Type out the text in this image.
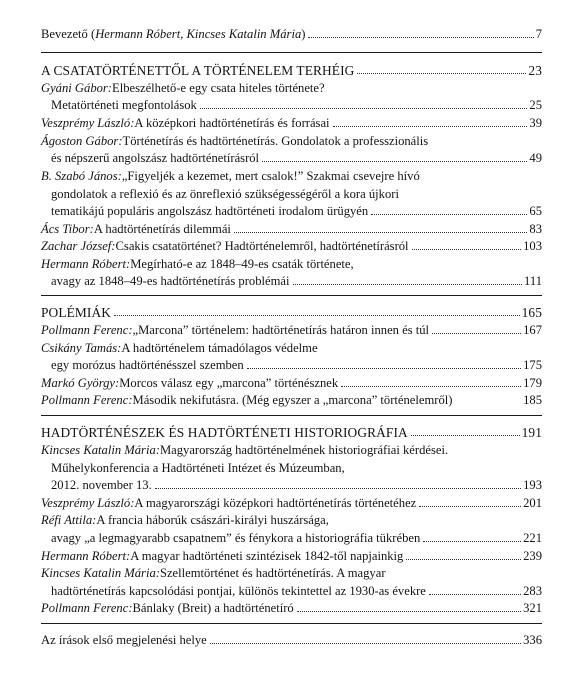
Bevezető ( Hermann Róbert, Kincses Katalin Mária )	7
A CSATATÖRTÉNETTŐL A TÖRTÉNELEM TERHÉIG	23
Gyáni Gábor: Elbeszélhető-e egy csata hiteles története?
Metatörténeti megfontolások	25
Veszprémy László: A középkori hadtörténetírás és forrásai	39
Ágoston Gábor: Történetírás és hadtörténetírás. Gondolatok a professzionális
és népszerű angolszász hadtörténetírásról	49
B. Szabó János: „Figyeljék a kezemet, mert csalok!” Szakmai csevejre hívó
gondolatok a reflexió és az önreflexió szükségességéről a kora újkori
tematikájú populáris angolszász hadtörténeti irodalom ürügyén	65
Ács Tibor: A hadtörténetírás dilemmái	83
Zachar József: Csakis csatatörténet? Hadtörténelemről, hadtörténetírásról	103
Hermann Róbert: Megírható-e az 1848–49-es csaták története,
avagy az 1848–49-es hadtörténetírás problémái	111
POLÉMIÁK	165
Pollmann Ferenc: „Marcona” történelem: hadtörténetírás határon innen és túl	167
Csikány Tamás: A hadtörténelem támadólagos védelme
egy morózus hadtörténésszel szemben	175
Markó György: Morcos válasz egy „marcona” történésznek	179
Pollmann Ferenc: Második nekifutásra. (Még egyszer a „marcona” történelemről)	185
HADTÖRTÉNÉSZEK ÉS HADTÖRTÉNETI HISTORIOGRÁFIA	191
Kincses Katalin Mária: Magyarország hadtörténelmének historiográfiai kérdései.
Műhelykonferencia a Hadtörténeti Intézet és Múzeumban,
2012. november 13.	193
Veszprémy László: A magyarországi középkori hadtörténetírás történetéhez	201
Réfi Attila: A francia háborúk császári-királyi huszársága,
avagy „a legmagyarabb csapatnem” és fénykora a historiográfia tükrében	221
Hermann Róbert: A magyar hadtörténeti szintézisek 1842-től napjainkig	239
Kincses Katalin Mária: Szellemtörténet és hadtörténetírás. A magyar
hadtörténetírás kapcsolódási pontjai, különös tekintettel az 1930-as évekre	283
Pollmann Ferenc: Bánlaky (Breit) a hadtörténetíró	321
Az írások első megjelenési helye	336
